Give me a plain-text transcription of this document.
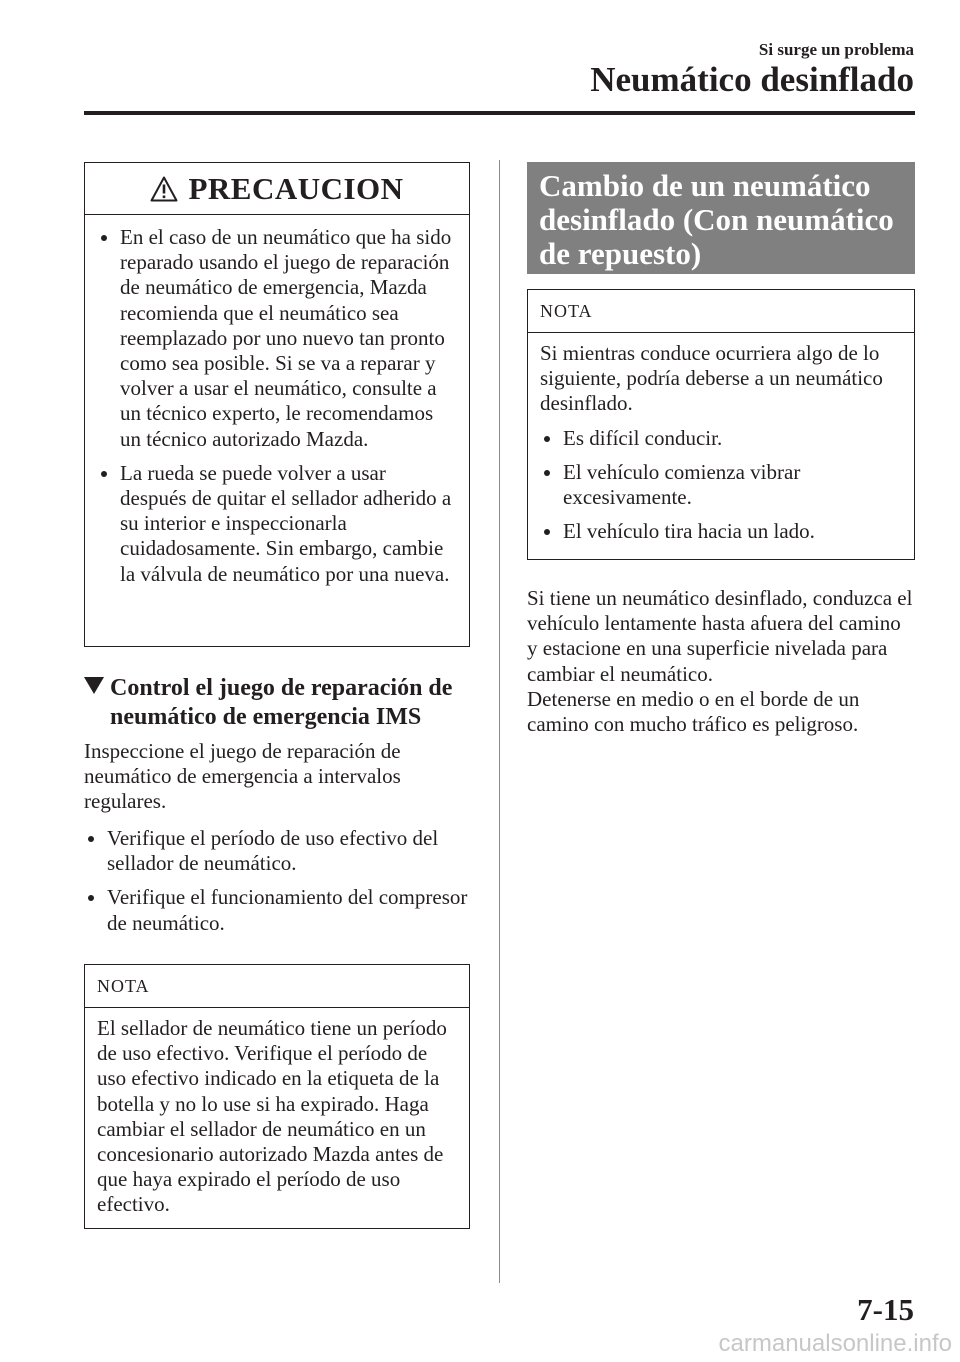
Si surge un problema
Neumático desinflado
PRECAUCION
En el caso de un neumático que ha sido reparado usando el juego de reparación de neumático de emergencia, Mazda recomienda que el neumático sea reemplazado por uno nuevo tan pronto como sea posible. Si se va a reparar y volver a usar el neumático, consulte a un técnico experto, le recomendamos un técnico autorizado Mazda.
La rueda se puede volver a usar después de quitar el sellador adherido a su interior e inspeccionarla cuidadosamente. Sin embargo, cambie la válvula de neumático por una nueva.
Control el juego de reparación de
neumático de emergencia IMS
Inspeccione el juego de reparación de neumático de emergencia a intervalos regulares.
Verifique el período de uso efectivo del sellador de neumático.
Verifique el funcionamiento del compresor de neumático.
NOTA
El sellador de neumático tiene un período de uso efectivo. Verifique el período de uso efectivo indicado en la etiqueta de la botella y no lo use si ha expirado. Haga cambiar el sellador de neumático en un concesionario autorizado Mazda antes de que haya expirado el período de uso efectivo.
Cambio de un neumático desinflado (Con neumático de repuesto)
NOTA

Si mientras conduce ocurriera algo de lo siguiente, podría deberse a un neumático desinflado.

Es difícil conducir.
El vehículo comienza vibrar excesivamente.
El vehículo tira hacia un lado.

Si tiene un neumático desinflado, conduzca el vehículo lentamente hasta afuera del camino y estacione en una superficie nivelada para cambiar el neumático.

Detenerse en medio o en el borde de un camino con mucho tráfico es peligroso.

7-15
carmanualsonline.info
